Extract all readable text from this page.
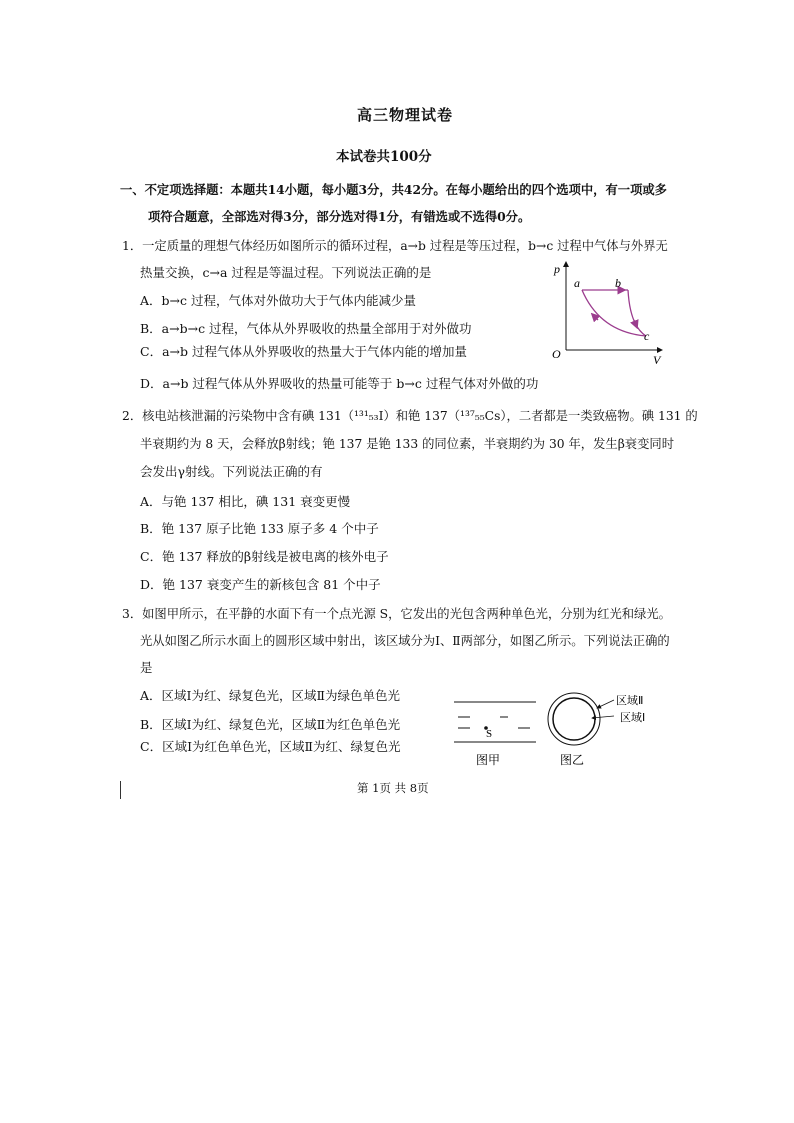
高三物理试卷
本试卷共100分
一、不定项选择题：本题共14小题，每小题3分，共42分。在每小题给出的四个选项中，有一项或多
项符合题意，全部选对得3分，部分选对得1分，有错选或不选得0分。
1．一定质量的理想气体经历如图所示的循环过程，a→b 过程是等压过程，b→c 过程中气体与外界无
热量交换，c→a 过程是等温过程。下列说法正确的是
A．b→c 过程，气体对外做功大于气体内能减少量
B．a→b→c 过程，气体从外界吸收的热量全部用于对外做功
C．a→b 过程气体从外界吸收的热量大于气体内能的增加量
D．a→b 过程气体从外界吸收的热量可能等于 b→c 过程气体对外做的功
p
V
O
a	b
c
2．核电站核泄漏的污染物中含有碘 131（¹³¹₅₃I）和铯 137（¹³⁷₅₅Cs），二者都是一类致癌物。碘 131 的
半衰期约为 8 天，会释放β射线；铯 137 是铯 133 的同位素，半衰期约为 30 年，发生β衰变同时
会发出γ射线。下列说法正确的有
A．与铯 137 相比，碘 131 衰变更慢
B．铯 137 原子比铯 133 原子多 4 个中子
C．铯 137 释放的β射线是被电离的核外电子
D．铯 137 衰变产生的新核包含 81 个中子
3．如图甲所示，在平静的水面下有一个点光源 S，它发出的光包含两种单色光，分别为红光和绿光。
光从如图乙所示水面上的圆形区域中射出，该区域分为Ⅰ、Ⅱ两部分，如图乙所示。下列说法正确的
是
A．区域Ⅰ为红、绿复色光，区域Ⅱ为绿色单色光
B．区域Ⅰ为红、绿复色光，区域Ⅱ为红色单色光
C．区域Ⅰ为红色单色光，区域Ⅱ为红、绿复色光
S
图甲
区域Ⅱ
区域Ⅰ
图乙
第 1页 共 8页
